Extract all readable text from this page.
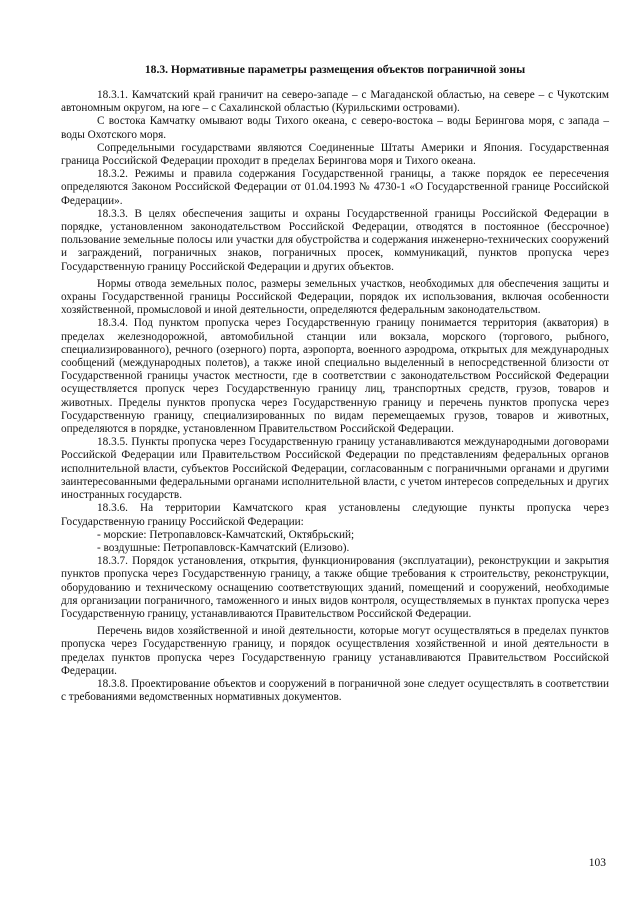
18.3. Нормативные параметры размещения объектов пограничной зоны

18.3.1. Камчатский край граничит на северо-западе – с Магаданской областью, на севере – с Чукотским автономным округом, на юге – с Сахалинской областью (Курильскими островами).

С востока Камчатку омывают воды Тихого океана, с северо-востока – воды Берингова моря, с запада – воды Охотского моря.

Сопредельными государствами являются Соединенные Штаты Америки и Япония. Государственная граница Российской Федерации проходит в пределах Берингова моря и Тихого океана.

18.3.2. Режимы и правила содержания Государственной границы, а также порядок ее пересечения определяются Законом Российской Федерации от 01.04.1993 № 4730-1 «О Государственной границе Российской Федерации».

18.3.3. В целях обеспечения защиты и охраны Государственной границы Российской Федерации в порядке, установленном законодательством Российской Федерации, отводятся в постоянное (бессрочное) пользование земельные полосы или участки для обустройства и содержания инженерно-технических сооружений и заграждений, пограничных знаков, пограничных просек, коммуникаций, пунктов пропуска через Государственную границу Российской Федерации и других объектов.

Нормы отвода земельных полос, размеры земельных участков, необходимых для обеспечения защиты и охраны Государственной границы Российской Федерации, порядок их использования, включая особенности хозяйственной, промысловой и иной деятельности, определяются федеральным законодательством.

18.3.4. Под пунктом пропуска через Государственную границу понимается территория (акватория) в пределах железнодорожной, автомобильной станции или вокзала, морского (торгового, рыбного, специализированного), речного (озерного) порта, аэропорта, военного аэродрома, открытых для международных сообщений (международных полетов), а также иной специально выделенный в непосредственной близости от Государственной границы участок местности, где в соответствии с законодательством Российской Федерации осуществляется пропуск через Государственную границу лиц, транспортных средств, грузов, товаров и животных. Пределы пунктов пропуска через Государственную границу и перечень пунктов пропуска через Государственную границу, специализированных по видам перемещаемых грузов, товаров и животных, определяются в порядке, установленном Правительством Российской Федерации.

18.3.5. Пункты пропуска через Государственную границу устанавливаются международными договорами Российской Федерации или Правительством Российской Федерации по представлениям федеральных органов исполнительной власти, субъектов Российской Федерации, согласованным с пограничными органами и другими заинтересованными федеральными органами исполнительной власти, с учетом интересов сопредельных и других иностранных государств.

18.3.6. На территории Камчатского края установлены следующие пункты пропуска через Государственную границу Российской Федерации:

- морские: Петропавловск-Камчатский, Октябрьский;

- воздушные: Петропавловск-Камчатский (Елизово).

18.3.7. Порядок установления, открытия, функционирования (эксплуатации), реконструкции и закрытия пунктов пропуска через Государственную границу, а также общие требования к строительству, реконструкции, оборудованию и техническому оснащению соответствующих зданий, помещений и сооружений, необходимые для организации пограничного, таможенного и иных видов контроля, осуществляемых в пунктах пропуска через Государственную границу, устанавливаются Правительством Российской Федерации.

Перечень видов хозяйственной и иной деятельности, которые могут осуществляться в пределах пунктов пропуска через Государственную границу, и порядок осуществления хозяйственной и иной деятельности в пределах пунктов пропуска через Государственную границу устанавливаются Правительством Российской Федерации.

18.3.8. Проектирование объектов и сооружений в пограничной зоне следует осуществлять в соответствии с требованиями ведомственных нормативных документов.

103
